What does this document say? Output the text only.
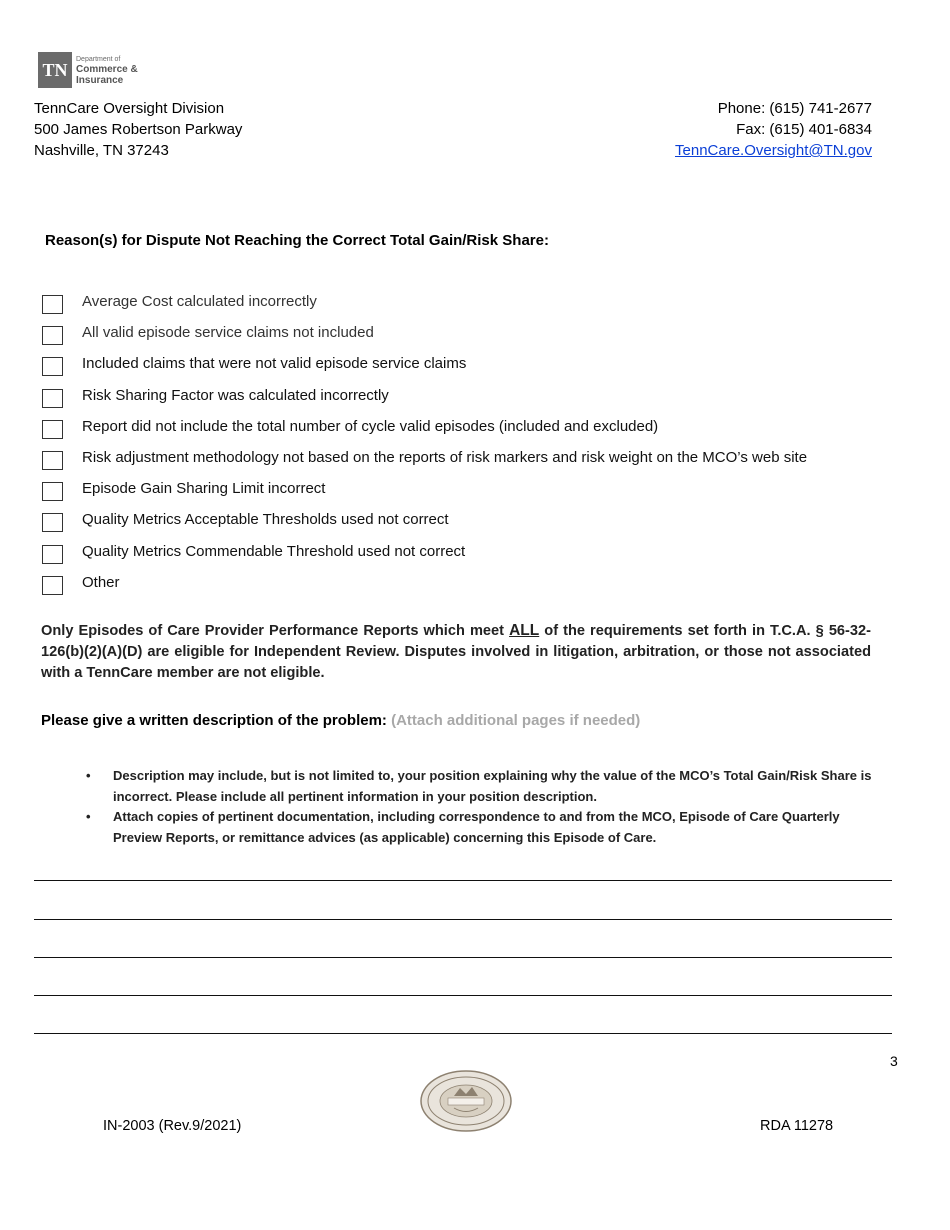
TN
Department of
Commerce &
Insurance
TennCare Oversight Division
500 James Robertson Parkway
Nashville, TN 37243
Phone: (615) 741-2677
Fax: (615) 401-6834
TennCare.Oversight@TN.gov
Reason(s) for Dispute Not Reaching the Correct Total Gain/Risk Share:
Average Cost calculated incorrectly
All valid episode service claims not included
Included claims that were not valid episode service claims
Risk Sharing Factor was calculated incorrectly
Report did not include the total number of cycle valid episodes (included and excluded)
Risk adjustment methodology not based on the reports of risk markers and risk weight on the MCO’s web site
Episode Gain Sharing Limit incorrect
Quality Metrics Acceptable Thresholds used not correct
Quality Metrics Commendable Threshold used not correct
Other
Only Episodes of Care Provider Performance Reports which meet ALL of the requirements set forth in T.C.A. § 56-32-126(b)(2)(A)(D) are eligible for Independent Review. Disputes involved in litigation, arbitration, or those not associated with a TennCare member are not eligible.
Please give a written description of the problem: (Attach additional pages if needed)
• Description may include, but is not limited to, your position explaining why the value of the MCO’s Total Gain/Risk Share is incorrect. Please include all pertinent information in your position description.
• Attach copies of pertinent documentation, including correspondence to and from the MCO, Episode of Care Quarterly Preview Reports, or remittance advices (as applicable) concerning this Episode of Care.
3
IN-2003 (Rev.9/2021)	RDA 11278
